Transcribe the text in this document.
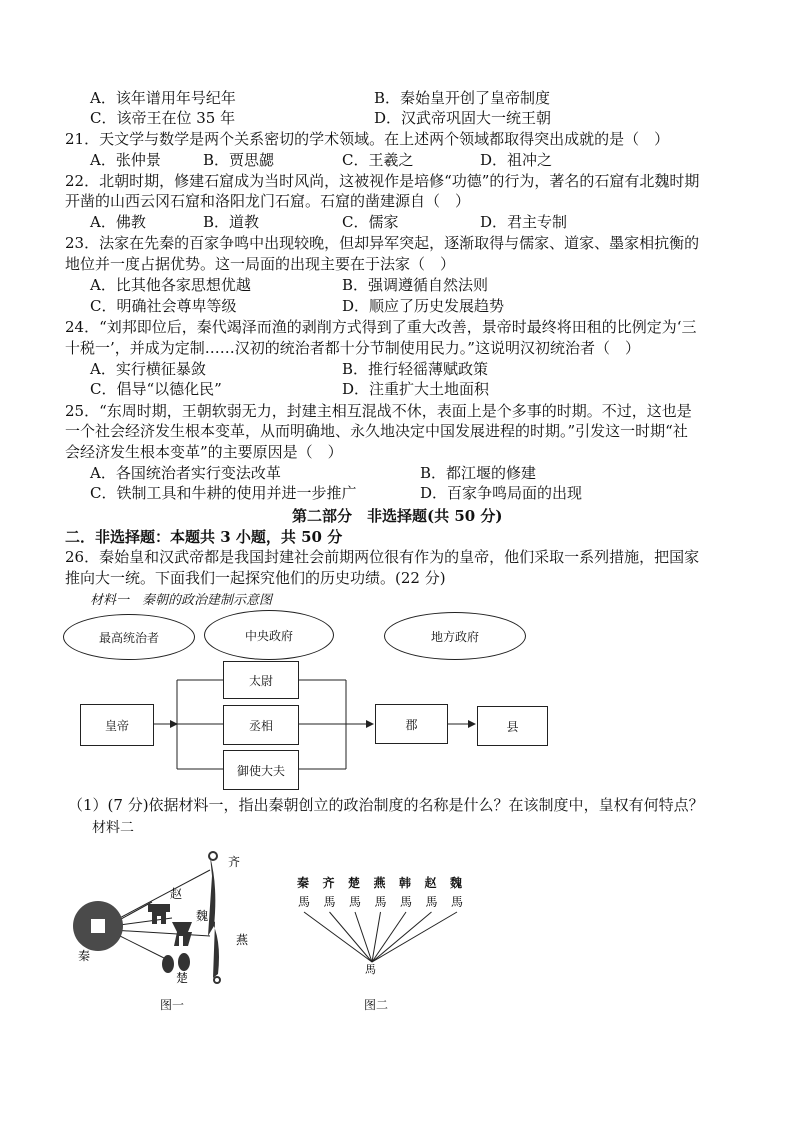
A．该年谱用年号纪年	B．秦始皇开创了皇帝制度
C．该帝王在位 35 年	D．汉武帝巩固大一统王朝
21．天文学与数学是两个关系密切的学术领域。在上述两个领域都取得突出成就的是（　）
A．张仲景	B．贾思勰	C．王羲之	D．祖冲之
22．北朝时期，修建石窟成为当时风尚，这被视作是培修“功德”的行为，著名的石窟有北魏时期
开凿的山西云冈石窟和洛阳龙门石窟。石窟的凿建源自（　）
A．佛教	B．道教	C．儒家	D．君主专制
23．法家在先秦的百家争鸣中出现较晚，但却异军突起，逐渐取得与儒家、道家、墨家相抗衡的
地位并一度占据优势。这一局面的出现主要在于法家（　）
A．比其他各家思想优越	B．强调遵循自然法则
C．明确社会尊卑等级	D．顺应了历史发展趋势
24．“刘邦即位后，秦代竭泽而渔的剥削方式得到了重大改善，景帝时最终将田租的比例定为‘三
十税一’，并成为定制……汉初的统治者都十分节制使用民力。”这说明汉初统治者（　）
A．实行横征暴敛	B．推行轻徭薄赋政策
C．倡导“以德化民”	D．注重扩大土地面积
25．“东周时期，王朝软弱无力，封建主相互混战不休，表面上是个多事的时期。不过，这也是
一个社会经济发生根本变革，从而明确地、永久地决定中国发展进程的时期。”引发这一时期“社
会经济发生根本变革”的主要原因是（　）
A．各国统治者实行变法改革	B．都江堰的修建
C．铁制工具和牛耕的使用并进一步推广	D．百家争鸣局面的出现
第二部分　非选择题(共 50 分)
二．非选择题：本题共 3 小题，共 50 分
26．秦始皇和汉武帝都是我国封建社会前期两位很有作为的皇帝，他们采取一系列措施，把国家
推向大一统。下面我们一起探究他们的历史功绩。(22 分)
材料一　秦朝的政治建制示意图
最高统治者	中央政府	地方政府
皇帝
太尉
丞相
御使大夫
郡	县
（1）(7 分)依据材料一，指出秦朝创立的政治制度的名称是什么？在该制度中，皇权有何特点？
材料二
齐
赵
魏
燕
秦
楚
图一
馬 馬 馬 馬 馬 馬 馬
馬
秦 齐 楚 燕 韩 赵 魏
图二
